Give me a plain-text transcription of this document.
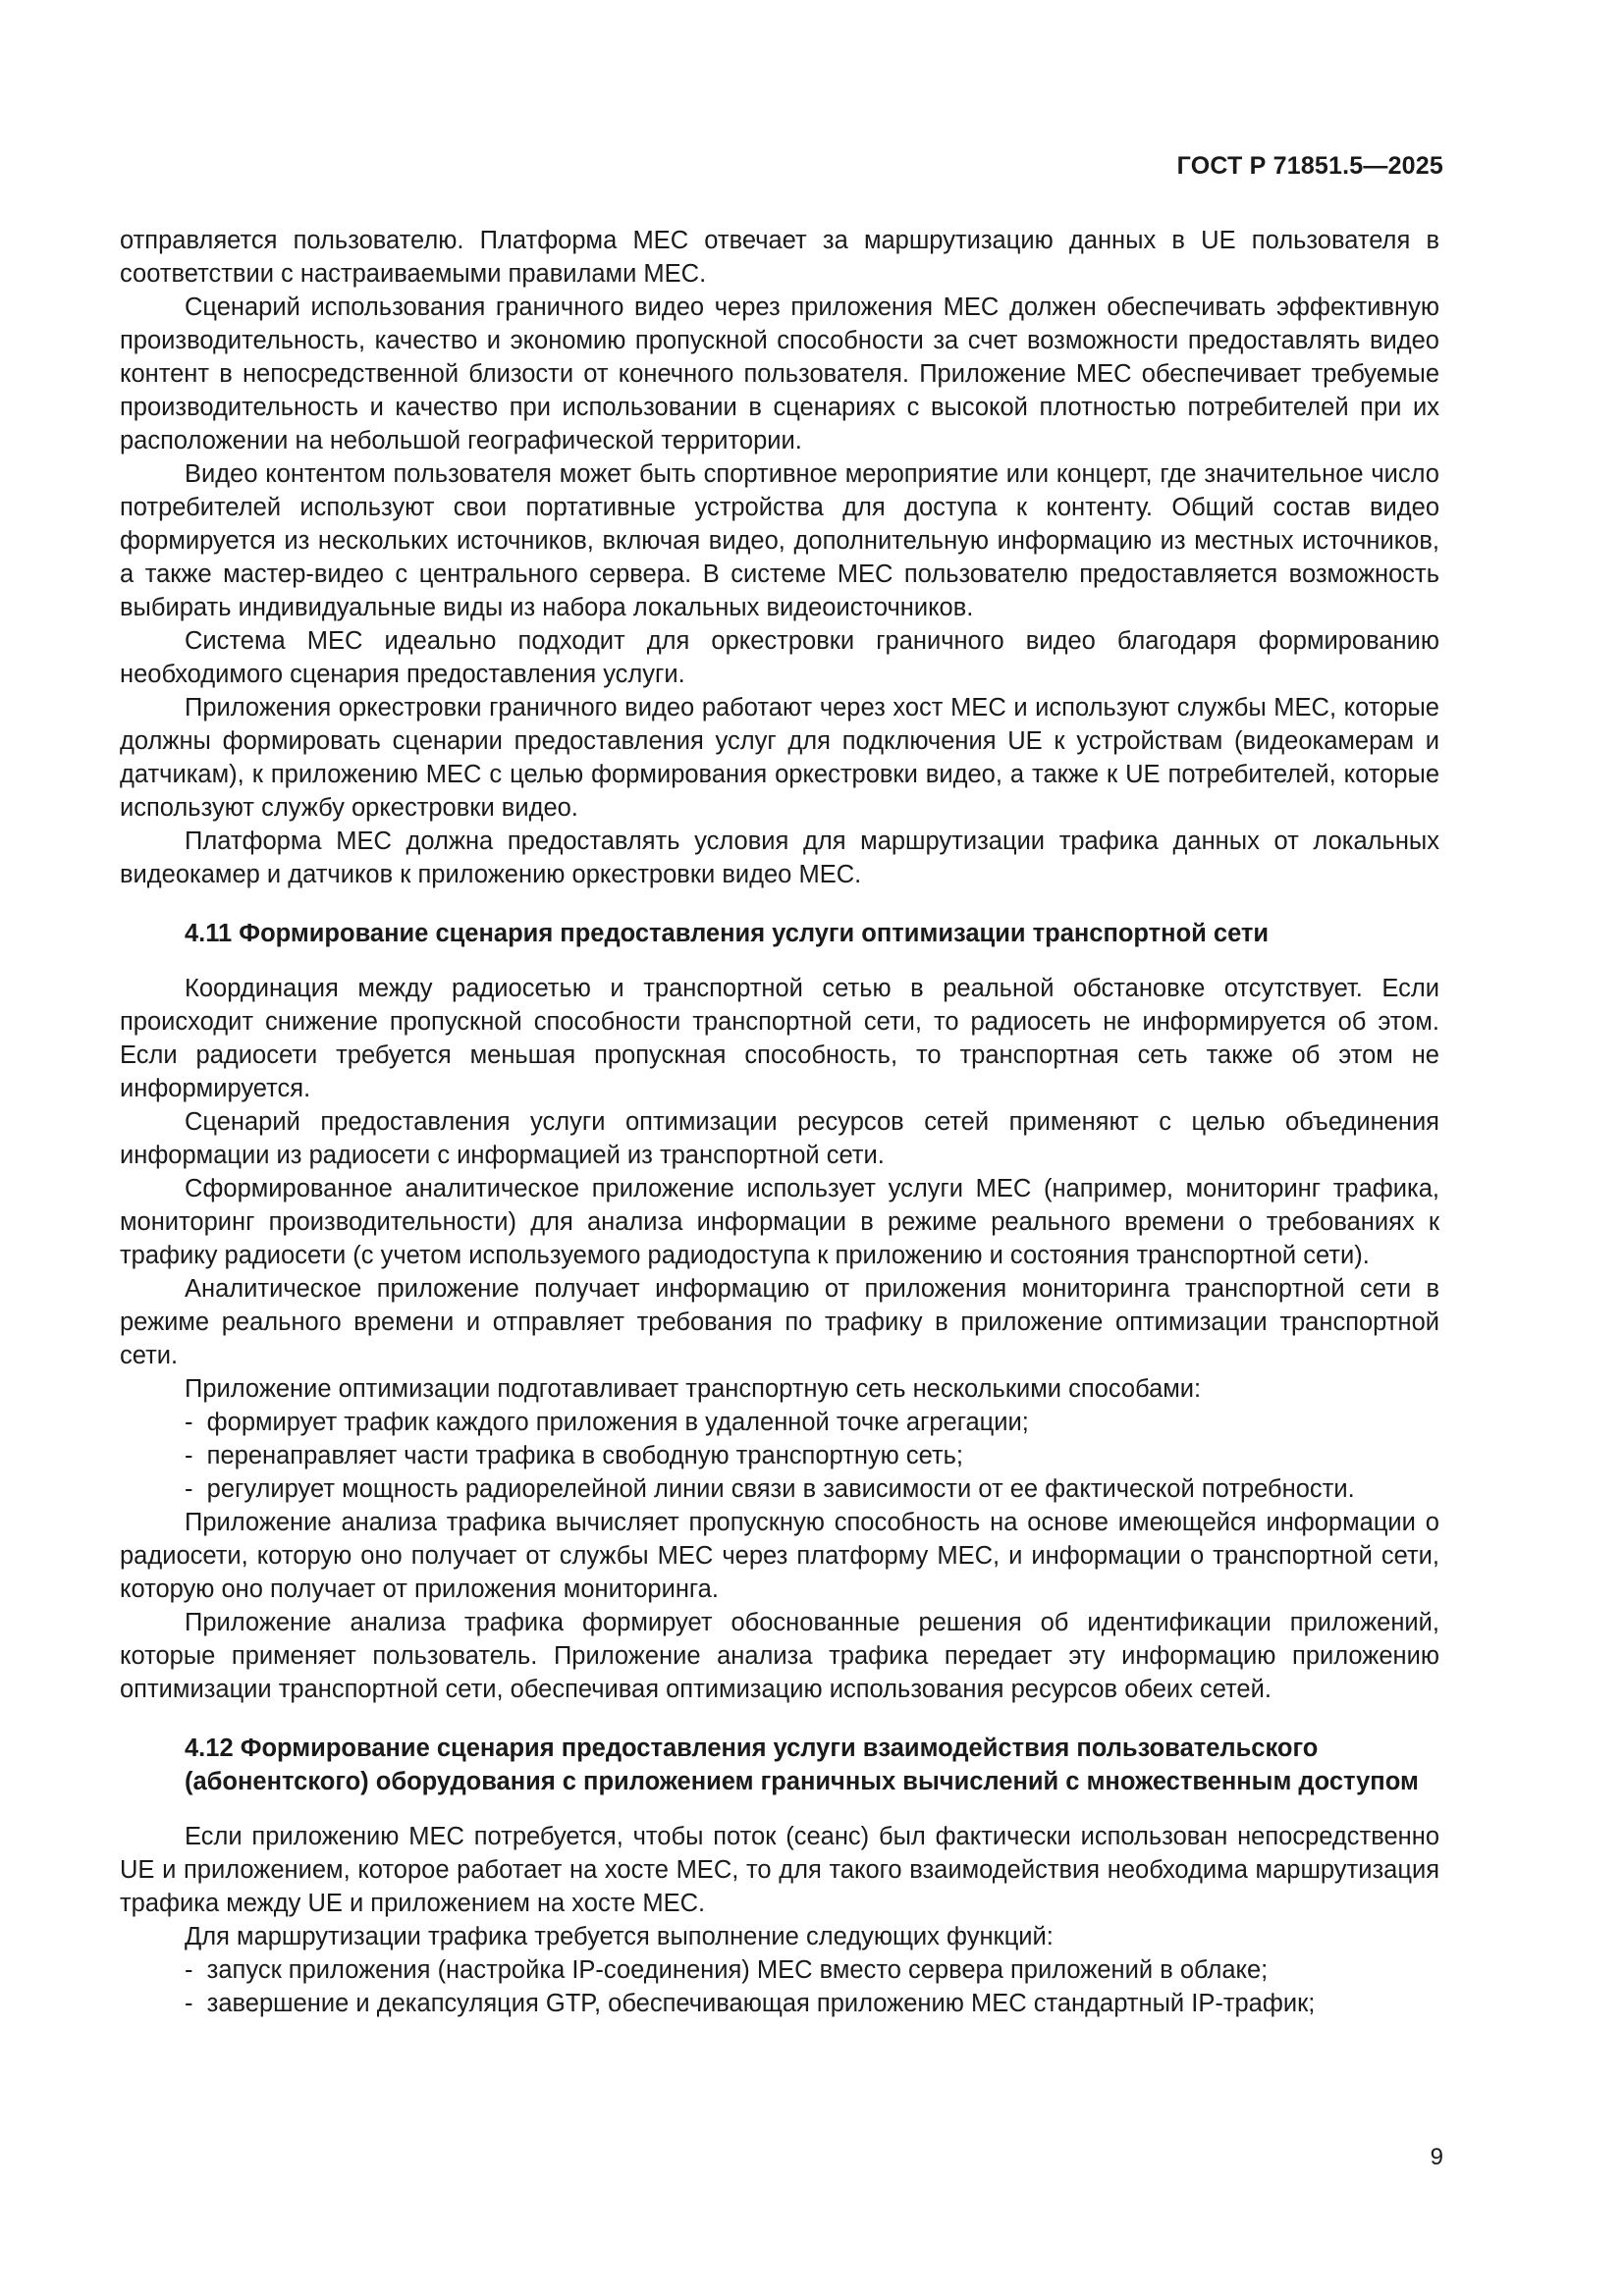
ГОСТ Р 71851.5—2025

отправляется пользователю. Платформа MEC отвечает за маршрутизацию данных в UE пользователя в соответствии с настраиваемыми правилами MEC.

Сценарий использования граничного видео через приложения MEC должен обеспечивать эффективную производительность, качество и экономию пропускной способности за счет возможности предоставлять видео контент в непосредственной близости от конечного пользователя. Приложение MEC обеспечивает требуемые производительность и качество при использовании в сценариях с высокой плотностью потребителей при их расположении на небольшой географической территории.

Видео контентом пользователя может быть спортивное мероприятие или концерт, где значительное число потребителей используют свои портативные устройства для доступа к контенту. Общий состав видео формируется из нескольких источников, включая видео, дополнительную информацию из местных источников, а также мастер-видео с центрального сервера. В системе MEC пользователю предоставляется возможность выбирать индивидуальные виды из набора локальных видеоисточников.

Система MEC идеально подходит для оркестровки граничного видео благодаря формированию необходимого сценария предоставления услуги.

Приложения оркестровки граничного видео работают через хост MEC и используют службы MEC, которые должны формировать сценарии предоставления услуг для подключения UE к устройствам (видеокамерам и датчикам), к приложению MEC с целью формирования оркестровки видео, а также к UE потребителей, которые используют службу оркестровки видео.

Платформа MEC должна предоставлять условия для маршрутизации трафика данных от локальных видеокамер и датчиков к приложению оркестровки видео MEC.

4.11 Формирование сценария предоставления услуги оптимизации транспортной сети

Координация между радиосетью и транспортной сетью в реальной обстановке отсутствует. Если происходит снижение пропускной способности транспортной сети, то радиосеть не информируется об этом. Если радиосети требуется меньшая пропускная способность, то транспортная сеть также об этом не информируется.

Сценарий предоставления услуги оптимизации ресурсов сетей применяют с целью объединения информации из радиосети с информацией из транспортной сети.

Сформированное аналитическое приложение использует услуги MEC (например, мониторинг трафика, мониторинг производительности) для анализа информации в режиме реального времени о требованиях к трафику радиосети (с учетом используемого радиодоступа к приложению и состояния транспортной сети).

Аналитическое приложение получает информацию от приложения мониторинга транспортной сети в режиме реального времени и отправляет требования по трафику в приложение оптимизации транспортной сети.

Приложение оптимизации подготавливает транспортную сеть несколькими способами:

- формирует трафик каждого приложения в удаленной точке агрегации;
- перенаправляет части трафика в свободную транспортную сеть;
- регулирует мощность радиорелейной линии связи в зависимости от ее фактической потребности.

Приложение анализа трафика вычисляет пропускную способность на основе имеющейся информации о радиосети, которую оно получает от службы MEC через платформу MEC, и информации о транспортной сети, которую оно получает от приложения мониторинга.

Приложение анализа трафика формирует обоснованные решения об идентификации приложений, которые применяет пользователь. Приложение анализа трафика передает эту информацию приложению оптимизации транспортной сети, обеспечивая оптимизацию использования ресурсов обеих сетей.

4.12 Формирование сценария предоставления услуги взаимодействия пользовательского (абонентского) оборудования с приложением граничных вычислений с множественным доступом

Если приложению MEC потребуется, чтобы поток (сеанс) был фактически использован непосредственно UE и приложением, которое работает на хосте MEC, то для такого взаимодействия необходима маршрутизация трафика между UE и приложением на хосте MEC.

Для маршрутизации трафика требуется выполнение следующих функций:

- запуск приложения (настройка IP-соединения) MEC вместо сервера приложений в облаке;
- завершение и декапсуляция GTP, обеспечивающая приложению MEC стандартный IP-трафик;
9
